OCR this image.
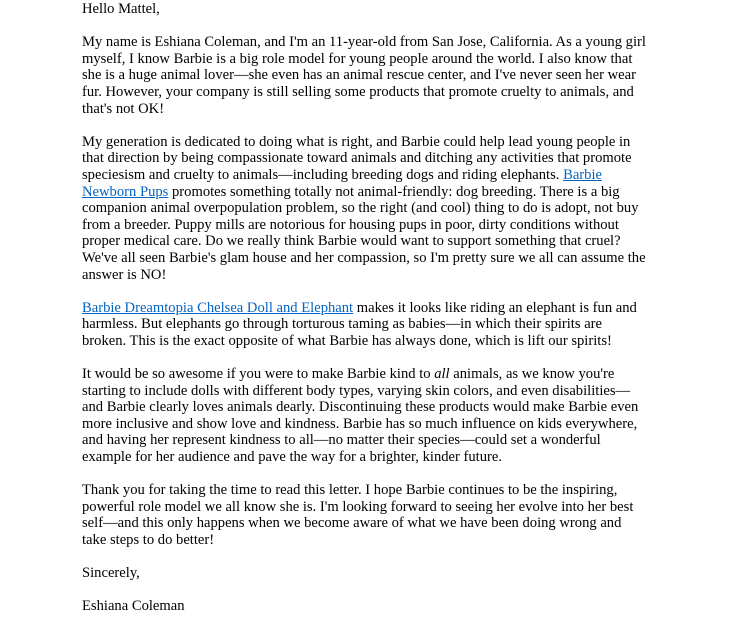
Hello Mattel,

My name is Eshiana Coleman, and I'm an 11-year-old from San Jose, California. As a young girl myself, I know Barbie is a big role model for young people around the world. I also know that she is a huge animal lover—she even has an animal rescue center, and I've never seen her wear fur. However, your company is still selling some products that promote cruelty to animals, and that's not OK!

My generation is dedicated to doing what is right, and Barbie could help lead young people in that direction by being compassionate toward animals and ditching any activities that promote speciesism and cruelty to animals—including breeding dogs and riding elephants. Barbie Newborn Pups promotes something totally not animal-friendly: dog breeding. There is a big companion animal overpopulation problem, so the right (and cool) thing to do is adopt, not buy from a breeder. Puppy mills are notorious for housing pups in poor, dirty conditions without proper medical care. Do we really think Barbie would want to support something that cruel? We've all seen Barbie's glam house and her compassion, so I'm pretty sure we all can assume the answer is NO!

Barbie Dreamtopia Chelsea Doll and Elephant makes it looks like riding an elephant is fun and harmless. But elephants go through torturous taming as babies—in which their spirits are broken. This is the exact opposite of what Barbie has always done, which is lift our spirits!

It would be so awesome if you were to make Barbie kind to all animals, as we know you're starting to include dolls with different body types, varying skin colors, and even disabilities—and Barbie clearly loves animals dearly. Discontinuing these products would make Barbie even more inclusive and show love and kindness. Barbie has so much influence on kids everywhere, and having her represent kindness to all—no matter their species—could set a wonderful example for her audience and pave the way for a brighter, kinder future.

Thank you for taking the time to read this letter. I hope Barbie continues to be the inspiring, powerful role model we all know she is. I'm looking forward to seeing her evolve into her best self—and this only happens when we become aware of what we have been doing wrong and take steps to do better!

Sincerely,

Eshiana Coleman
